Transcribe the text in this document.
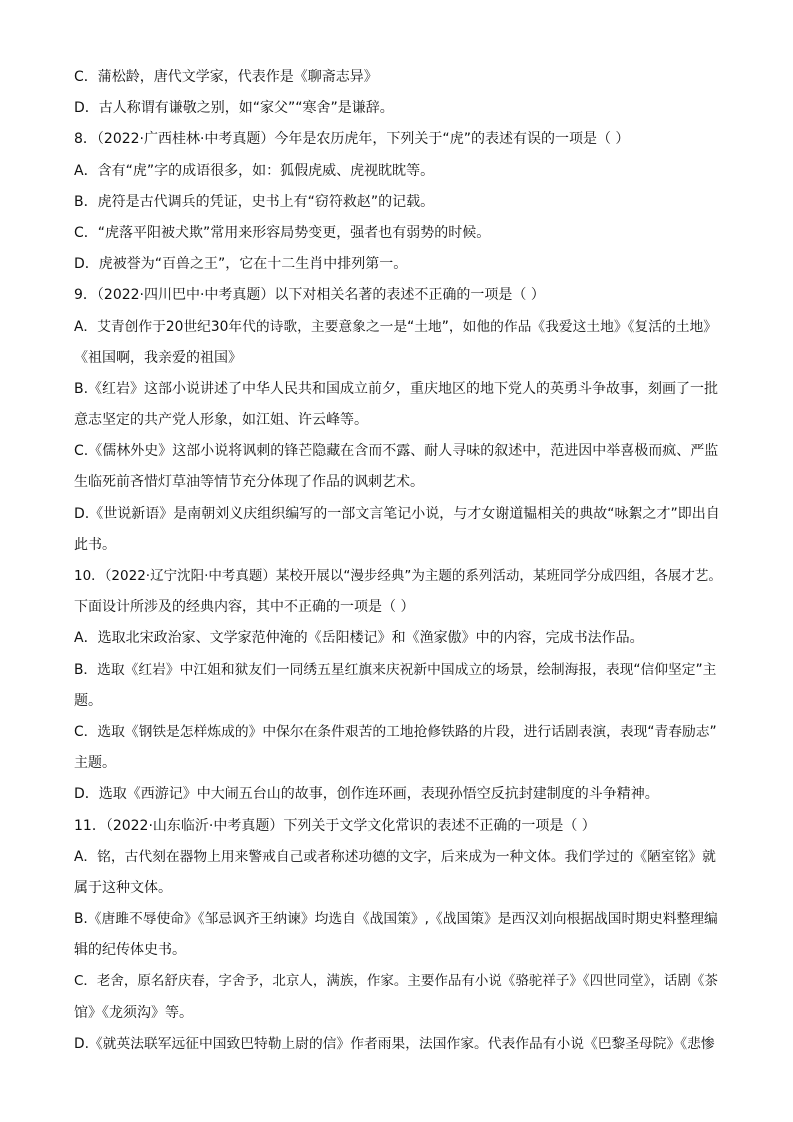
C．蒲松龄，唐代文学家，代表作是《聊斋志异》
D．古人称谓有谦敬之别，如“家父”“寒舍”是谦辞。
8．（2022·广西桂林·中考真题）今年是农历虎年，下列关于“虎”的表述有误的一项是（ ）
A．含有“虎”字的成语很多，如：狐假虎威、虎视眈眈等。
B．虎符是古代调兵的凭证，史书上有“窃符救赵”的记载。
C．“虎落平阳被犬欺”常用来形容局势变更，强者也有弱势的时候。
D．虎被誉为“百兽之王”，它在十二生肖中排列第一。
9．（2022·四川巴中·中考真题）以下对相关名著的表述不正确的一项是（ ）
A．艾青创作于20世纪30年代的诗歌，主要意象之一是“土地”，如他的作品《我爱这土地》《复活的土地》
《祖国啊，我亲爱的祖国》
B.《红岩》这部小说讲述了中华人民共和国成立前夕，重庆地区的地下党人的英勇斗争故事，刻画了一批
意志坚定的共产党人形象，如江姐、许云峰等。
C.《儒林外史》这部小说将讽刺的锋芒隐藏在含而不露、耐人寻味的叙述中，范进因中举喜极而疯、严监
生临死前吝惜灯草油等情节充分体现了作品的讽刺艺术。
D.《世说新语》是南朝刘义庆组织编写的一部文言笔记小说，与才女谢道韫相关的典故“咏絮之才”即出自
此书。
10．（2022·辽宁沈阳·中考真题）某校开展以“漫步经典”为主题的系列活动，某班同学分成四组，各展才艺。
下面设计所涉及的经典内容，其中不正确的一项是（ ）
A．选取北宋政治家、文学家范仲淹的《岳阳楼记》和《渔家傲》中的内容，完成书法作品。
B．选取《红岩》中江姐和狱友们一同绣五星红旗来庆祝新中国成立的场景，绘制海报，表现“信仰坚定”主
题。
C．选取《钢铁是怎样炼成的》中保尔在条件艰苦的工地抢修铁路的片段，进行话剧表演，表现“青春励志”
主题。
D．选取《西游记》中大闹五台山的故事，创作连环画，表现孙悟空反抗封建制度的斗争精神。
11．（2022·山东临沂·中考真题）下列关于文学文化常识的表述不正确的一项是（ ）
A．铭，古代刻在器物上用来警戒自己或者称述功德的文字，后来成为一种文体。我们学过的《陋室铭》就
属于这种文体。
B.《唐雎不辱使命》《邹忌讽齐王纳谏》均选自《战国策》,《战国策》是西汉刘向根据战国时期史料整理编
辑的纪传体史书。
C．老舍，原名舒庆春，字舍予，北京人，满族，作家。主要作品有小说《骆驼祥子》《四世同堂》，话剧《茶
馆》《龙须沟》等。
D.《就英法联军远征中国致巴特勒上尉的信》作者雨果，法国作家。代表作品有小说《巴黎圣母院》《悲惨
